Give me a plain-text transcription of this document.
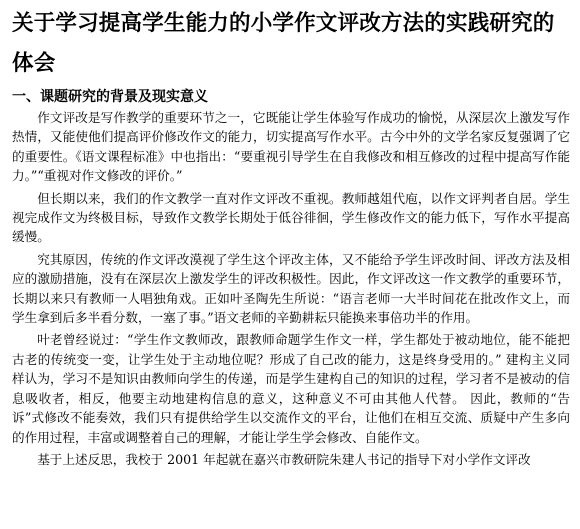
关于学习提高学生能力的小学作文评改方法的实践研究的体会
一、课题研究的背景及现实意义

作文评改是写作教学的重要环节之一，它既能让学生体验写作成功的愉悦，从深层次上激发写作热情，又能使他们提高评价修改作文的能力，切实提高写作水平。古今中外的文学名家反复强调了它的重要性。《语文课程标准》中也指出：“要重视引导学生在自我修改和相互修改的过程中提高写作能力。”“重视对作文修改的评价。”

但长期以来，我们的作文教学一直对作文评改不重视。教师越俎代庖，以作文评判者自居。学生视完成作文为终极目标，导致作文教学长期处于低谷徘徊，学生修改作文的能力低下，写作水平提高缓慢。

究其原因，传统的作文评改漠视了学生这个评改主体，又不能给予学生评改时间、评改方法及相应的激励措施，没有在深层次上激发学生的评改积极性。因此，作文评改这一作文教学的重要环节，长期以来只有教师一人唱独角戏。正如叶圣陶先生所说：“语言老师一大半时间花在批改作文上，而学生拿到后多半看分数，一塞了事。”语文老师的辛勤耕耘只能换来事倍功半的作用。

叶老曾经说过：“学生作文教师改，跟教师命题学生作文一样，学生都处于被动地位，能不能把古老的传统变一变，让学生处于主动地位呢？形成了自己改的能力，这是终身受用的。” 建构主义同样认为，学习不是知识由教师向学生的传递，而是学生建构自己的知识的过程，学习者不是被动的信息吸收者，相反，他要主动地建构信息的意义，这种意义不可由其他人代替。 因此，教师的“告诉”式修改不能奏效，我们只有提供给学生以交流作文的平台，让他们在相互交流、质疑中产生多向的作用过程，丰富或调整着自己的理解，才能让学生学会修改、自能作文。

基于上述反思，我校于 2001 年起就在嘉兴市教研院朱建人书记的指导下对小学作文评改
